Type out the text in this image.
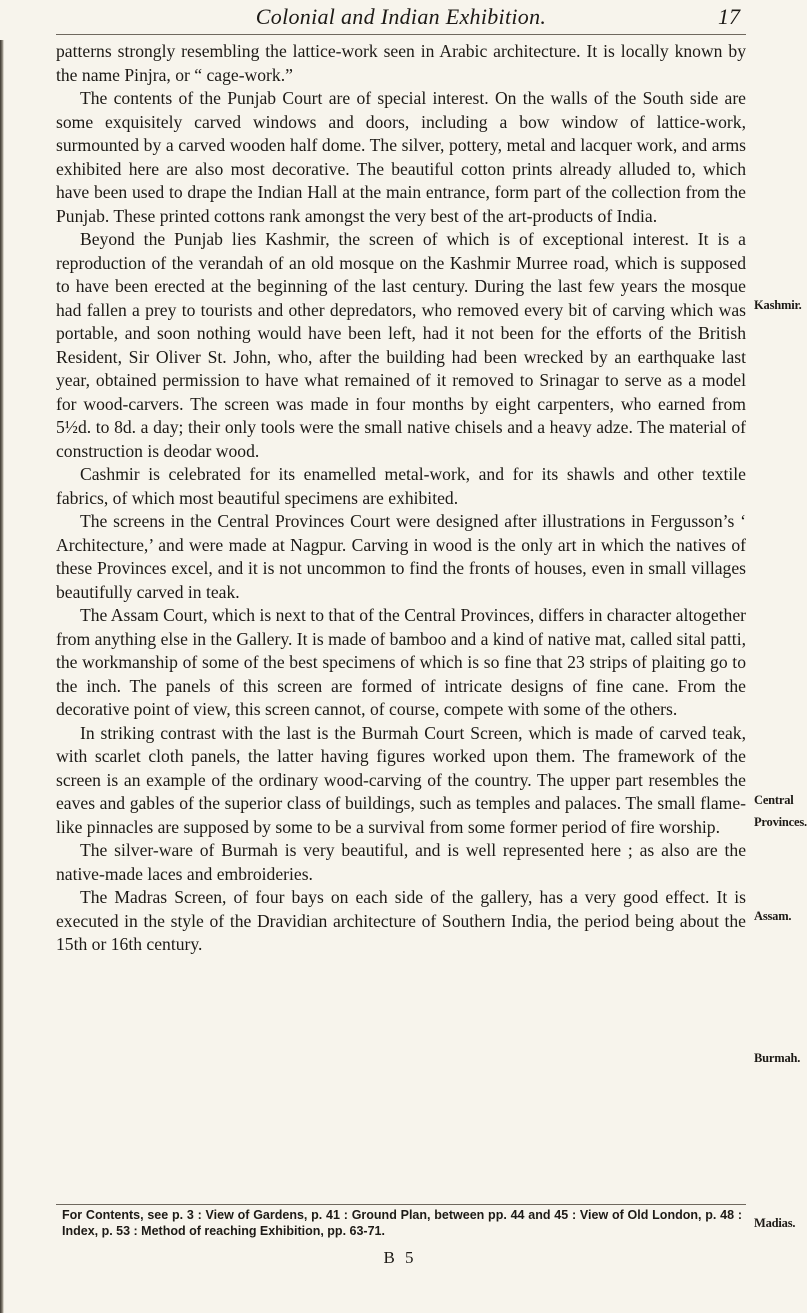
Colonial and Indian Exhibition.	17

patterns strongly resembling the lattice-work seen in Arabic architecture. It is locally known by the name Pinjra, or “ cage-work.”

The contents of the Punjab Court are of special interest. On the walls of the South side are some exquisitely carved windows and doors, including a bow window of lattice-work, surmounted by a carved wooden half dome. The silver, pottery, metal and lacquer work, and arms exhibited here are also most decorative. The beautiful cotton prints already alluded to, which have been used to drape the Indian Hall at the main entrance, form part of the collection from the Punjab. These printed cottons rank amongst the very best of the art-products of India.

Beyond the Punjab lies Kashmir, the screen of which is of exceptional interest. It is a reproduction of the verandah of an old mosque on the Kashmir Murree road, which is supposed to have been erected at the beginning of the last century. During the last few years the mosque had fallen a prey to tourists and other depredators, who removed every bit of carving which was portable, and soon nothing would have been left, had it not been for the efforts of the British Resident, Sir Oliver St. John, who, after the building had been wrecked by an earthquake last year, obtained permission to have what remained of it removed to Srinagar to serve as a model for wood-carvers. The screen was made in four months by eight carpenters, who earned from 5½d. to 8d. a day; their only tools were the small native chisels and a heavy adze. The material of construction is deodar wood.

Cashmir is celebrated for its enamelled metal-work, and for its shawls and other textile fabrics, of which most beautiful specimens are exhibited.

The screens in the Central Provinces Court were designed after illustrations in Fergusson’s ‘ Architecture,’ and were made at Nagpur. Carving in wood is the only art in which the natives of these Provinces excel, and it is not uncommon to find the fronts of houses, even in small villages beautifully carved in teak.

The Assam Court, which is next to that of the Central Provinces, differs in character altogether from anything else in the Gallery. It is made of bamboo and a kind of native mat, called sital patti, the workmanship of some of the best specimens of which is so fine that 23 strips of plaiting go to the inch. The panels of this screen are formed of intricate designs of fine cane. From the decorative point of view, this screen cannot, of course, compete with some of the others.

In striking contrast with the last is the Burmah Court Screen, which is made of carved teak, with scarlet cloth panels, the latter having figures worked upon them. The framework of the screen is an example of the ordinary wood-carving of the country. The upper part resembles the eaves and gables of the superior class of buildings, such as temples and palaces. The small flame-like pinnacles are supposed by some to be a survival from some former period of fire worship.

The silver-ware of Burmah is very beautiful, and is well represented here ; as also are the native-made laces and embroideries.

The Madras Screen, of four bays on each side of the gallery, has a very good effect. It is executed in the style of the Dravidian architecture of Southern India, the period being about the 15th or 16th century.

Kashmir.
Central
Provinces.
Assam.
Burmah.
Madias.
For Contents, see p. 3 : View of Gardens, p. 41 : Ground Plan, between pp. 44 and 45 : View of Old London, p. 48 : Index, p. 53 : Method of reaching Exhibition, pp. 63-71.
B 5
